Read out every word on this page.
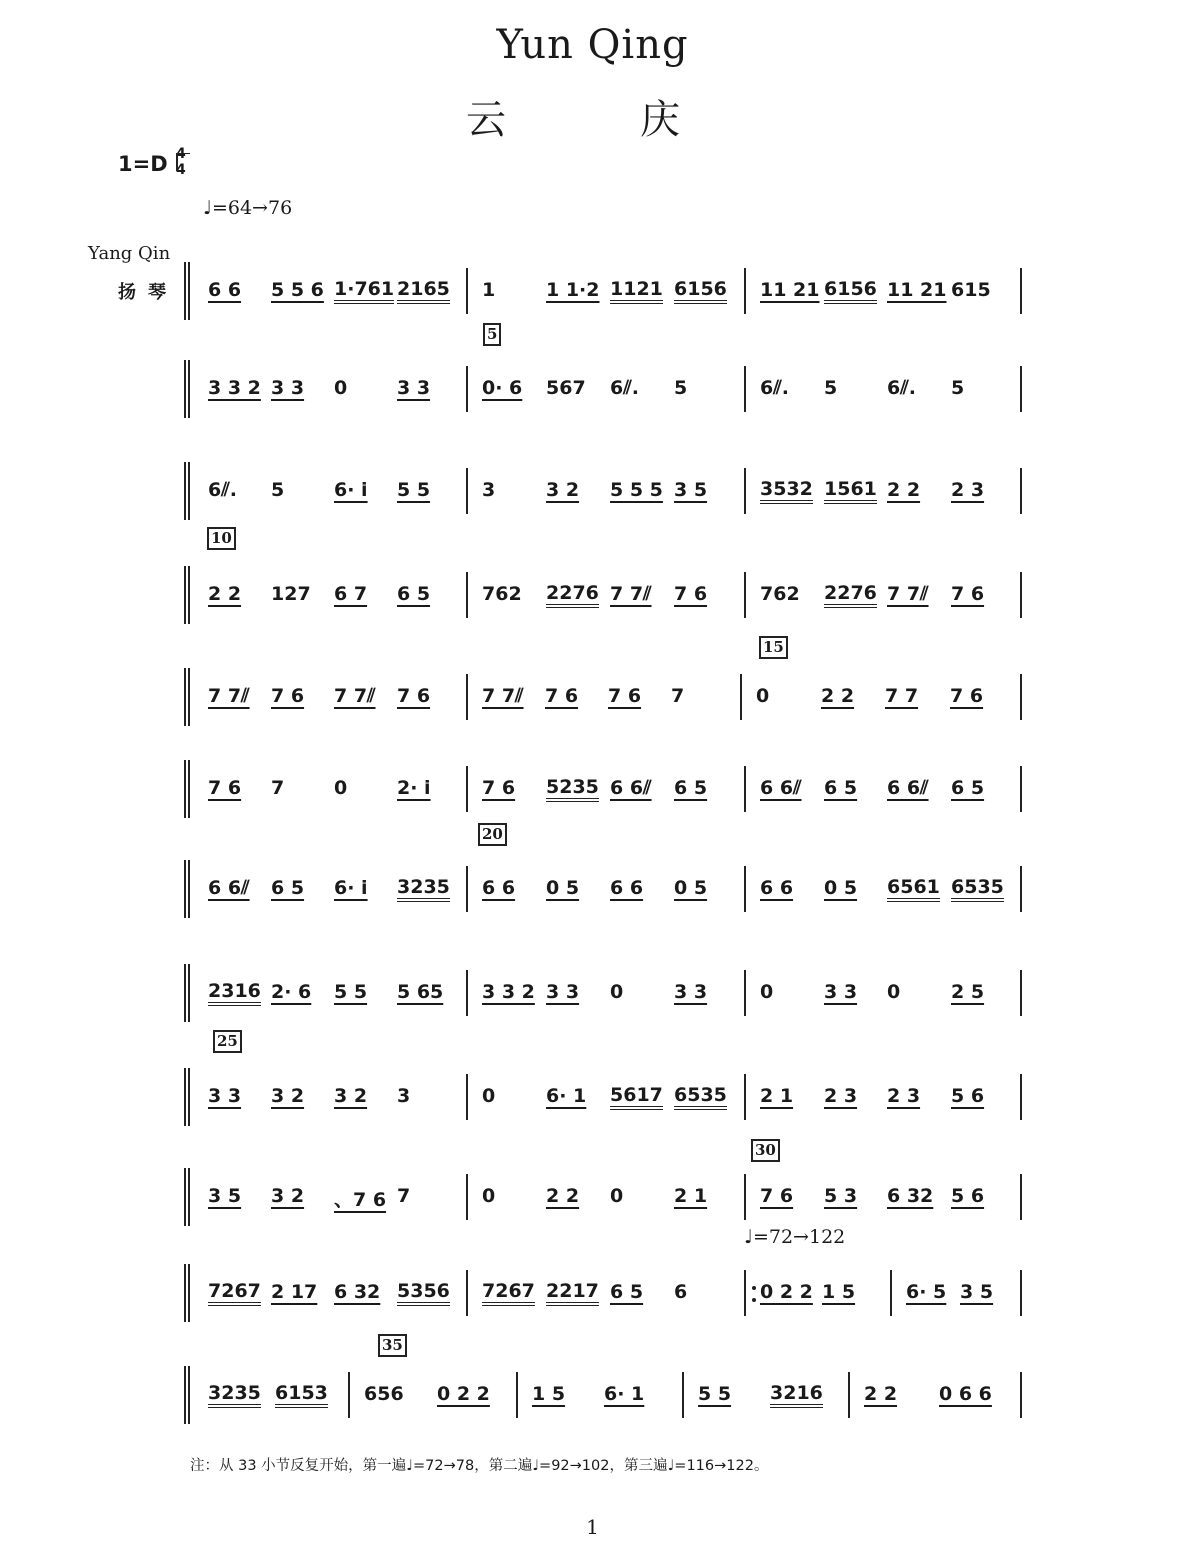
Yun Qing
云	庆
1=D 4
4
♩=64→76
♩=72→122
Yang Qin
扬琴 6 6 5 5 6 1·761 2165 1	1 1·2 1121 6156 11 21 6156 11 21 615
3 3 2 3 3 0	3 3	0· 6 567 6⫽. 5	6⫽. 5	6⫽. 5
6⫽. 5	6· i 5 5	3	3 2 5 5 5 3 5	3532 1561 2 2 2 3
2 2 127 6 7 6 5	762 2276 7 7⫽ 7 6	762 2276 7 7⫽ 7 6
7 7⫽ 7 6 7 7⫽ 7 6	7 7⫽ 7 6 7 6 7	0	2 2 7 7 7 6
7 6 7	0	2· i	7 6 5235 6 6⫽ 6 5	6 6⫽ 6 5 6 6⫽ 6 5
6 6⫽ 6 5 6· i 3235 6 6 0 5 6 6 0 5	6 6 0 5 6561 6535
2316 2· 6 5 5 5 65 3 3 2 3 3 0	3 3	0	3 3 0	2 5
3 3 3 2 3 2 3	0	6· 1 5617 6535 2 1 2 3 2 3 5 6
3 5 3 2 、7 6 7	0	2 2 0	2 1	7 6 5 3 6 32 5 6
7267 2 17 6 32 5356 7267 2217 6 5 6	0 2 2 1 5	6· 5 3 5
3235 6153 656 0 2 2 1 5 6· 1	5 5 3216 2 2 0 6 6
5
10
15
20
25
30
35
注：从 33 小节反复开始，第一遍♩=72→78，第二遍♩=92→102，第三遍♩=116→122。
1
